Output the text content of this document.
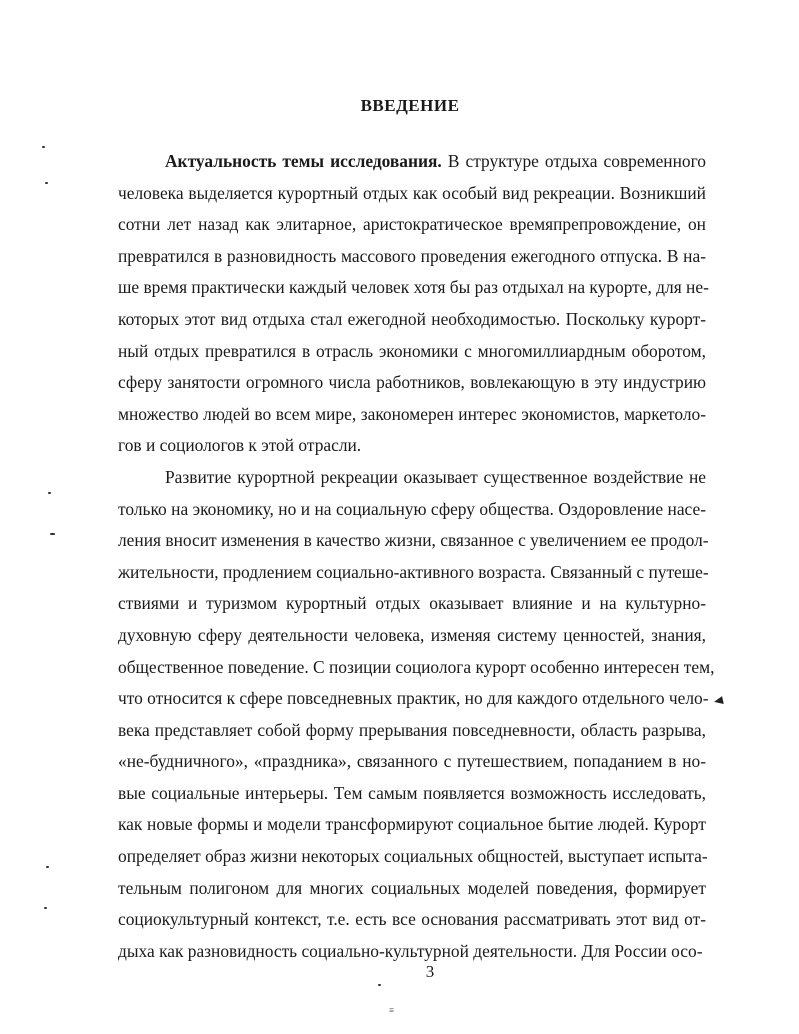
≡
ВВЕДЕНИЕ
Актуальность темы исследования. В структуре отдыха современного
человека выделяется курортный отдых как особый вид рекреации. Возникший
сотни лет назад как элитарное, аристократическое времяпрепровождение, он
превратился в разновидность массового проведения ежегодного отпуска. В на-
ше время практически каждый человек хотя бы раз отдыхал на курорте, для не-
которых этот вид отдыха стал ежегодной необходимостью. Поскольку курорт-
ный отдых превратился в отрасль экономики с многомиллиардным оборотом,
сферу занятости огромного числа работников, вовлекающую в эту индустрию
множество людей во всем мире, закономерен интерес экономистов, маркетоло-
гов и социологов к этой отрасли.
Развитие курортной рекреации оказывает существенное воздействие не
только на экономику, но и на социальную сферу общества. Оздоровление насе-
ления вносит изменения в качество жизни, связанное с увеличением ее продол-
жительности, продлением социально-активного возраста. Связанный с путеше-
ствиями и туризмом курортный отдых оказывает влияние и на культурно-
духовную сферу деятельности человека, изменяя систему ценностей, знания,
общественное поведение. С позиции социолога курорт особенно интересен тем,
что относится к сфере повседневных практик, но для каждого отдельного чело-
века представляет собой форму прерывания повседневности, область разрыва,
«не-будничного», «праздника», связанного с путешествием, попаданием в но-
вые социальные интерьеры. Тем самым появляется возможность исследовать,
как новые формы и модели трансформируют социальное бытие людей. Курорт
определяет образ жизни некоторых социальных общностей, выступает испыта-
тельным полигоном для многих социальных моделей поведения, формирует
социокультурный контекст, т.е. есть все основания рассматривать этот вид от-
дыха как разновидность социально-культурной деятельности. Для России осо-
3
